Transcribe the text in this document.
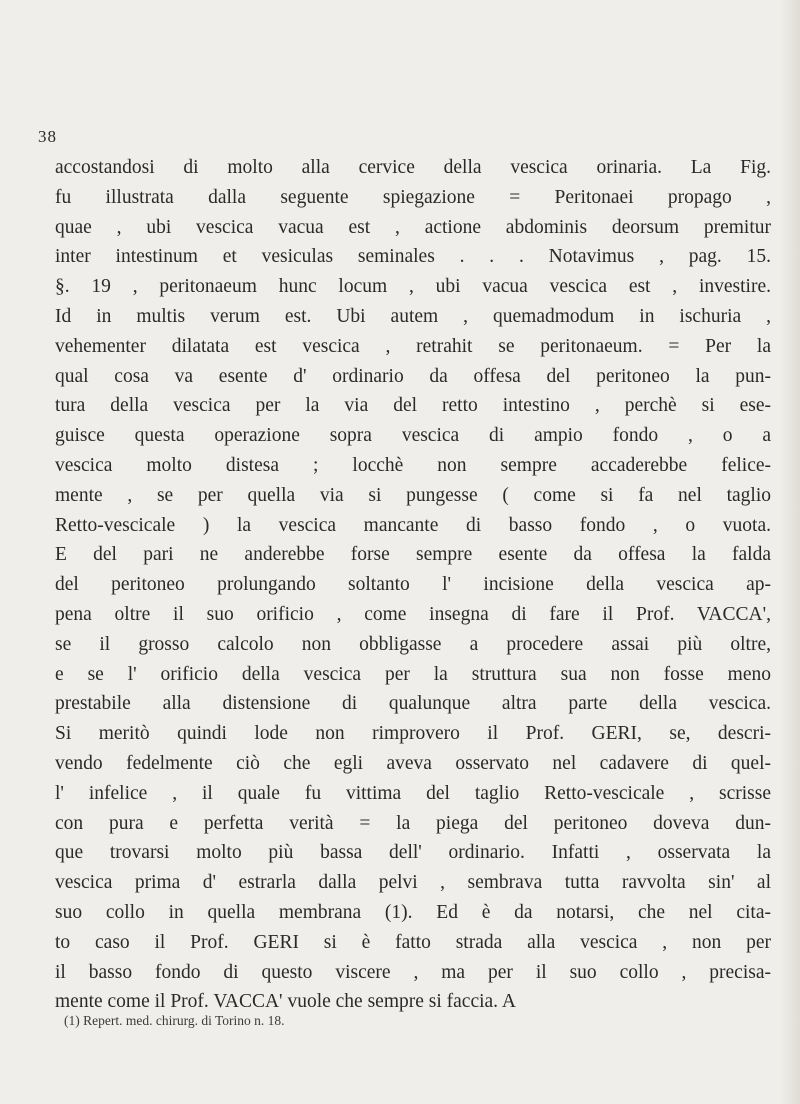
38
accostandosi di molto alla cervice della vescica orinaria. La Fig.
fu illustrata dalla seguente spiegazione = Peritonaei propago ,
quae , ubi vescica vacua est , actione abdominis deorsum premitur
inter intestinum et vesiculas seminales . . . Notavimus , pag. 15.
§. 19 , peritonaeum hunc locum , ubi vacua vescica est , investire.
Id in multis verum est. Ubi autem , quemadmodum in ischuria ,
vehementer dilatata est vescica , retrahit se peritonaeum. = Per la
qual cosa va esente d' ordinario da offesa del peritoneo la pun-
tura della vescica per la via del retto intestino , perchè si ese-
guisce questa operazione sopra vescica di ampio fondo , o a
vescica molto distesa ; locchè non sempre accaderebbe felice-
mente , se per quella via si pungesse ( come si fa nel taglio
Retto-vescicale ) la vescica mancante di basso fondo , o vuota.
E del pari ne anderebbe forse sempre esente da offesa la falda
del peritoneo prolungando soltanto l' incisione della vescica ap-
pena oltre il suo orificio , come insegna di fare il Prof. VACCA',
se il grosso calcolo non obbligasse a procedere assai più oltre,
e se l' orificio della vescica per la struttura sua non fosse meno
prestabile alla distensione di qualunque altra parte della vescica.
Si meritò quindi lode non rimprovero il Prof. GERI, se, descri-
vendo fedelmente ciò che egli aveva osservato nel cadavere di quel-
l' infelice , il quale fu vittima del taglio Retto-vescicale , scrisse
con pura e perfetta verità = la piega del peritoneo doveva dun-
que trovarsi molto più bassa dell' ordinario. Infatti , osservata la
vescica prima d' estrarla dalla pelvi , sembrava tutta ravvolta sin' al
suo collo in quella membrana (1). Ed è da notarsi, che nel cita-
to caso il Prof. GERI si è fatto strada alla vescica , non per
il basso fondo di questo viscere , ma per il suo collo , precisa-
mente come il Prof. VACCA' vuole che sempre si faccia. A
(1) Repert. med. chirurg. di Torino n. 18.
